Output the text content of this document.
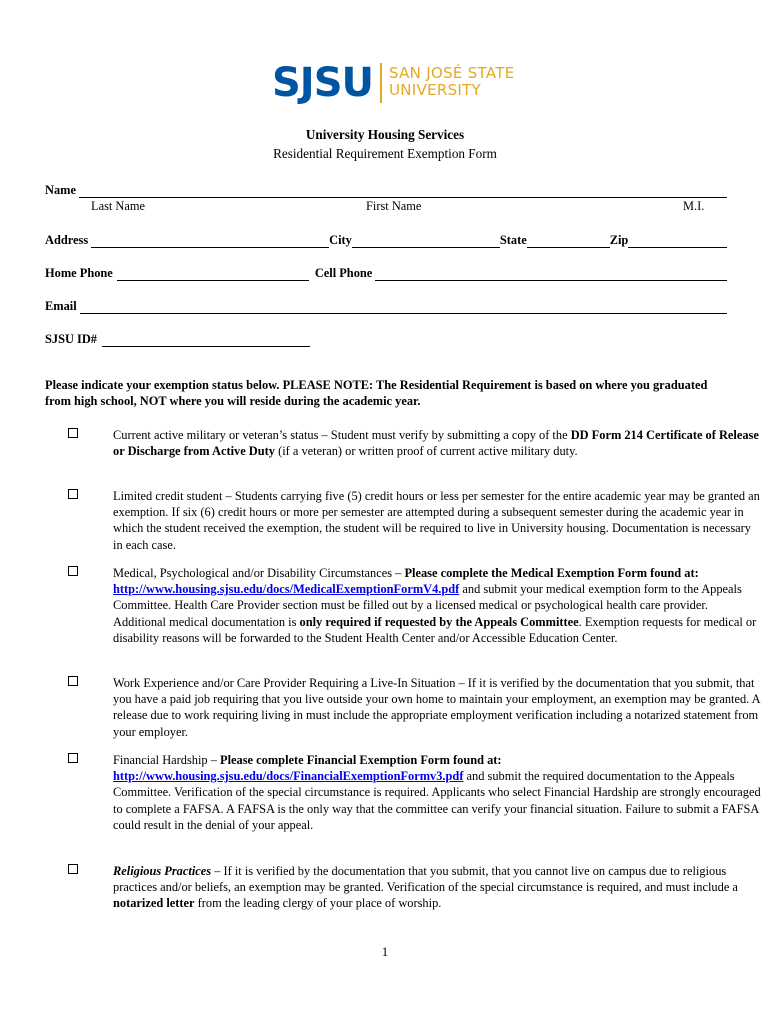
SJSU SAN JOSÉ STATE
UNIVERSITY
University Housing Services
Residential Requirement Exemption Form
Name
Last Name	First Name	M.I.
Address	City	State	Zip
Home Phone	Cell Phone
Email
SJSU ID#
Please indicate your exemption status below. PLEASE NOTE: The Residential Requirement is based on where you graduated from high school, NOT where you will reside during the academic year.
Current active military or veteran’s status – Student must verify by submitting a copy of the DD Form 214 Certificate of Release or Discharge from Active Duty (if a veteran) or written proof of current active military duty.
Limited credit student – Students carrying five (5) credit hours or less per semester for the entire academic year may be granted an exemption. If six (6) credit hours or more per semester are attempted during a subsequent semester during the academic year in which the student received the exemption, the student will be required to live in University housing. Documentation is necessary in each case.
Medical, Psychological and/or Disability Circumstances – Please complete the Medical Exemption Form found at: http://www.housing.sjsu.edu/docs/MedicalExemptionFormV4.pdf and submit your medical exemption form to the Appeals Committee. Health Care Provider section must be filled out by a licensed medical or psychological health care provider. Additional medical documentation is only required if requested by the Appeals Committee. Exemption requests for medical or disability reasons will be forwarded to the Student Health Center and/or Accessible Education Center.
Work Experience and/or Care Provider Requiring a Live-In Situation – If it is verified by the documentation that you submit, that you have a paid job requiring that you live outside your own home to maintain your employment, an exemption may be granted. A release due to work requiring living in must include the appropriate employment verification including a notarized statement from your employer.
Financial Hardship – Please complete Financial Exemption Form found at: http://www.housing.sjsu.edu/docs/FinancialExemptionFormv3.pdf and submit the required documentation to the Appeals Committee. Verification of the special circumstance is required. Applicants who select Financial Hardship are strongly encouraged to complete a FAFSA. A FAFSA is the only way that the committee can verify your financial situation. Failure to submit a FAFSA could result in the denial of your appeal.
Religious Practices – If it is verified by the documentation that you submit, that you cannot live on campus due to religious practices and/or beliefs, an exemption may be granted. Verification of the special circumstance is required, and must include a notarized letter from the leading clergy of your place of worship.
1
